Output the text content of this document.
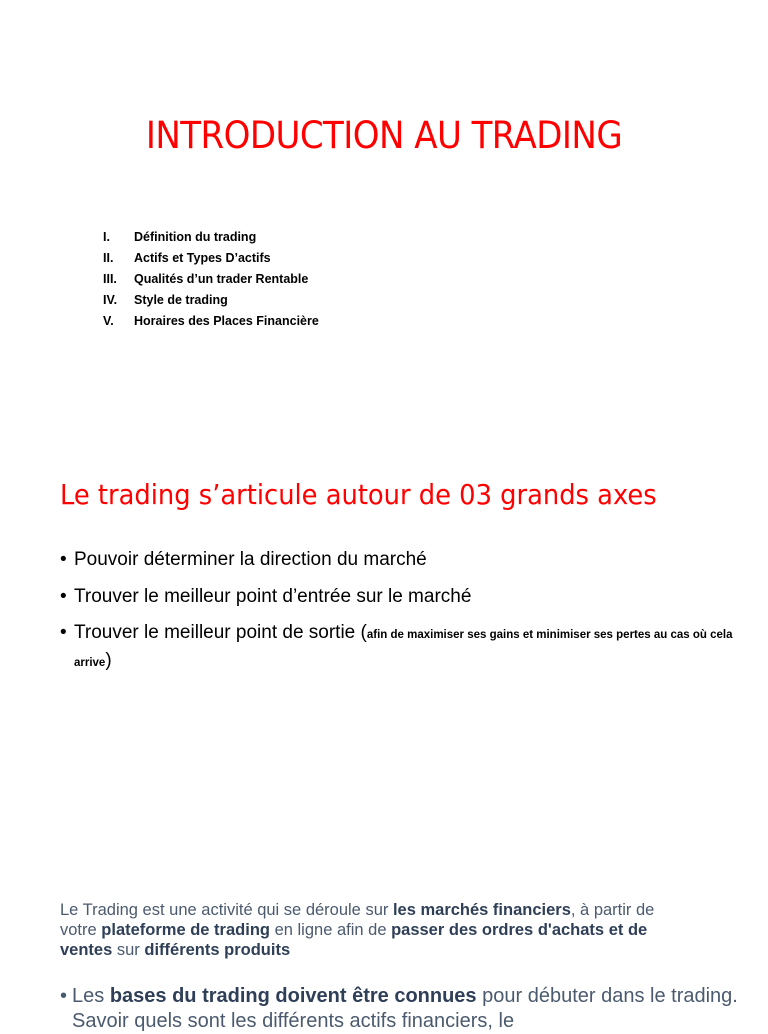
INTRODUCTION AU TRADING
I.	Définition du trading
II.	Actifs et Types D’actifs
III.	Qualités d’un trader Rentable
IV.	Style de trading
V.	Horaires des Places Financière
Le trading s’articule autour de 03 grands axes
• Pouvoir déterminer la direction du marché
• Trouver le meilleur point d’entrée sur le marché
• Trouver le meilleur point de sortie (afin de maximiser ses gains et minimiser ses pertes au cas où cela arrive)
Le Trading est une activité qui se déroule sur les marchés financiers, à partir de votre plateforme de trading en ligne afin de passer des ordres d'achats et de ventes sur différents produits
• Les bases du trading doivent être connues pour débuter dans le trading. Savoir quels sont les différents actifs financiers, le
